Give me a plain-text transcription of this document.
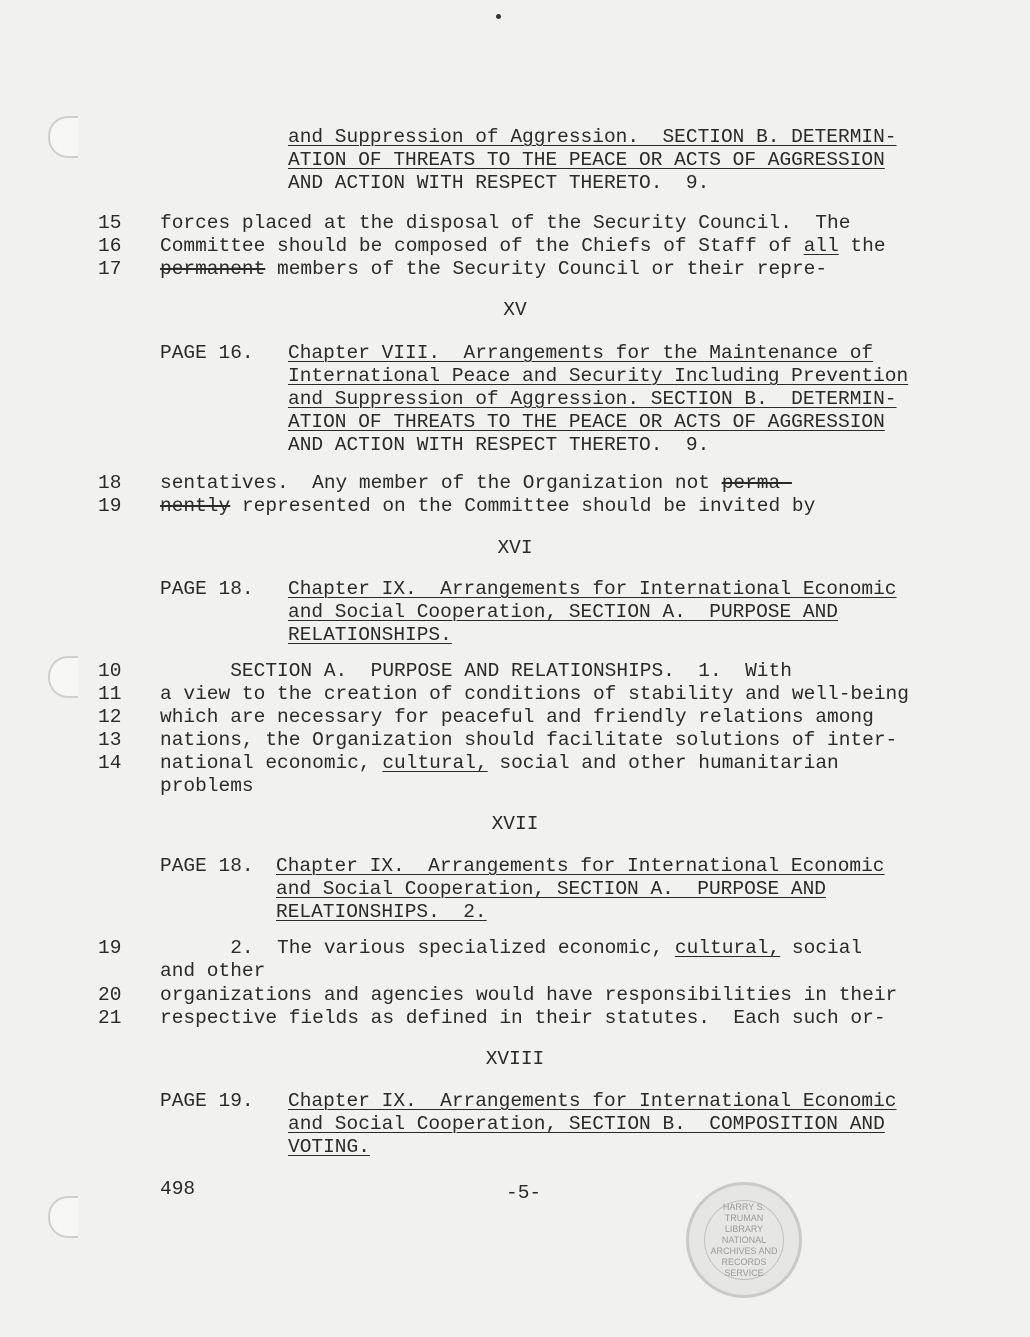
and Suppression of Aggression.  SECTION B. DETERMIN-
ATION OF THREATS TO THE PEACE OR ACTS OF AGGRESSION
AND ACTION WITH RESPECT THERETO.  9.
15
16
17
forces placed at the disposal of the Security Council.  The
Committee should be composed of the Chiefs of Staff of all the
permanent members of the Security Council or their repre-
XV
PAGE 16. Chapter VIII.  Arrangements for the Maintenance of
International Peace and Security Including Prevention
and Suppression of Aggression. SECTION B.  DETERMIN-
ATION OF THREATS TO THE PEACE OR ACTS OF AGGRESSION
AND ACTION WITH RESPECT THERETO.  9.
18
19
sentatives.  Any member of the Organization not perma-
nently represented on the Committee should be invited by
XVI
PAGE 18. Chapter IX.  Arrangements for International Economic
and Social Cooperation, SECTION A.  PURPOSE AND
RELATIONSHIPS.
10
11
12
13
14
SECTION A.  PURPOSE AND RELATIONSHIPS.  1.  With
a view to the creation of conditions of stability and well-being
which are necessary for peaceful and friendly relations among
nations, the Organization should facilitate solutions of inter-
national economic, cultural, social and other humanitarian
problems
XVII
PAGE 18. Chapter IX.  Arrangements for International Economic
and Social Cooperation, SECTION A.  PURPOSE AND
RELATIONSHIPS.  2.
19
20
21
2.  The various specialized economic, cultural, social
and other
organizations and agencies would have responsibilities in their
respective fields as defined in their statutes.  Each such or-
XVIII
PAGE 19. Chapter IX.  Arrangements for International Economic
and Social Cooperation, SECTION B.  COMPOSITION AND
VOTING.
498	-5-
HARRY S. TRUMAN LIBRARY NATIONAL ARCHIVES AND RECORDS SERVICE
